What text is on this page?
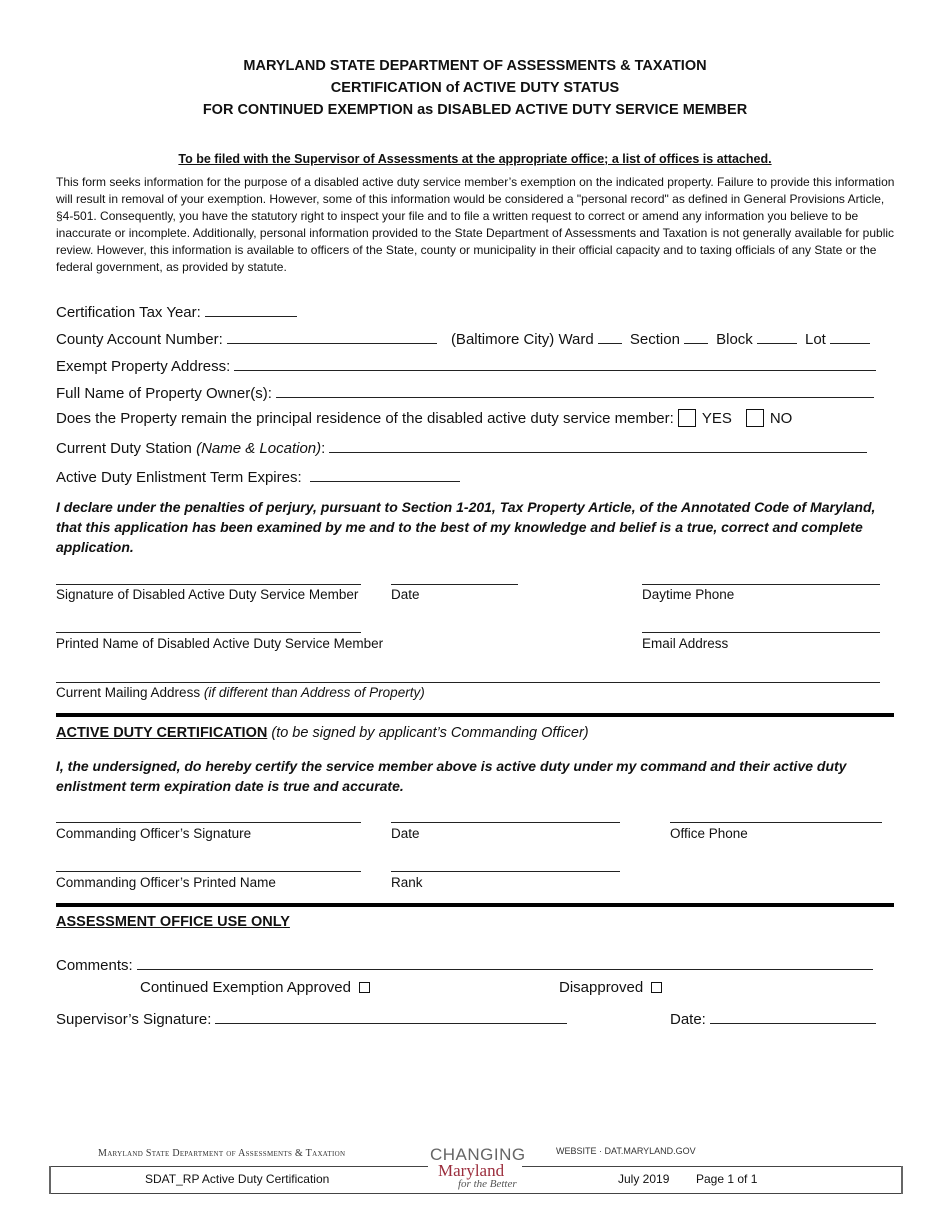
MARYLAND STATE DEPARTMENT OF ASSESSMENTS & TAXATION
CERTIFICATION of ACTIVE DUTY STATUS
FOR CONTINUED EXEMPTION as DISABLED ACTIVE DUTY SERVICE MEMBER
To be filed with the Supervisor of Assessments at the appropriate office; a list of offices is attached.
This form seeks information for the purpose of a disabled active duty service member’s exemption on the indicated property. Failure to provide this information will result in removal of your exemption. However, some of this information would be considered a "personal record" as defined in General Provisions Article, §4-501. Consequently, you have the statutory right to inspect your file and to file a written request to correct or amend any information you believe to be inaccurate or incomplete. Additionally, personal information provided to the State Department of Assessments and Taxation is not generally available for public review. However, this information is available to officers of the State, county or municipality in their official capacity and to taxing officials of any State or the federal government, as provided by statute.
Certification Tax Year:
County Account Number:	(Baltimore City) Ward Section Block	Lot
Exempt Property Address:
Full Name of Property Owner(s):
Does the Property remain the principal residence of the disabled active duty service member: YES	NO
Current Duty Station (Name & Location):
Active Duty Enlistment Term Expires:
I declare under the penalties of perjury, pursuant to Section 1-201, Tax Property Article, of the Annotated Code of Maryland, that this application has been examined by me and to the best of my knowledge and belief is a true, correct and complete application.
Signature of Disabled Active Duty Service Member Date	Daytime Phone
Printed Name of Disabled Active Duty Service Member	Email Address
Current Mailing Address (if different than Address of Property)
ACTIVE DUTY CERTIFICATION (to be signed by applicant’s Commanding Officer)
I, the undersigned, do hereby certify the service member above is active duty under my command and their active duty enlistment term expiration date is true and accurate.
Commanding Officer’s Signature	Date	Office Phone
Commanding Officer’s Printed Name	Rank
ASSESSMENT OFFICE USE ONLY
Comments:
Continued Exemption Approved	Disapproved
Supervisor’s Signature:	Date:
Maryland State Department of Assessments & Taxation	WEBSITE · DAT.MARYLAND.GOV
CHANGING
Maryland
for the Better
SDAT_RP Active Duty Certification	July 2019 Page 1 of 1
